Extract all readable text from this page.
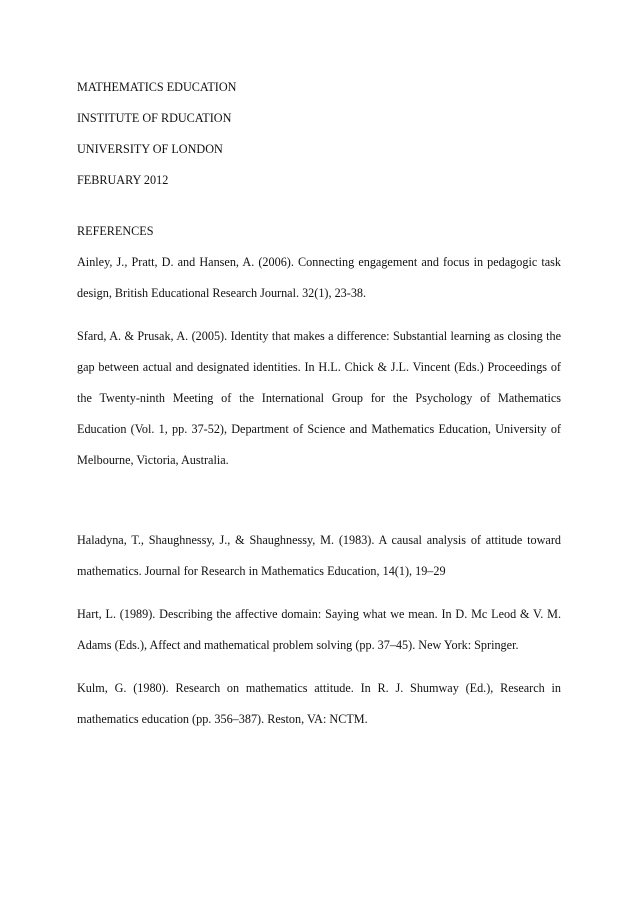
MATHEMATICS EDUCATION

INSTITUTE OF RDUCATION

UNIVERSITY OF LONDON

FEBRUARY 2012

REFERENCES

Ainley, J., Pratt, D. and Hansen, A. (2006). Connecting engagement and focus in pedagogic task design, British Educational Research Journal. 32(1), 23-38.

Sfard, A. & Prusak, A. (2005). Identity that makes a difference: Substantial learning as closing the gap between actual and designated identities. In H.L. Chick & J.L. Vincent (Eds.) Proceedings of the Twenty-ninth Meeting of the International Group for the Psychology of Mathematics Education (Vol. 1, pp. 37-52), Department of Science and Mathematics Education, University of Melbourne, Victoria, Australia.

Haladyna, T., Shaughnessy, J., & Shaughnessy, M. (1983). A causal analysis of attitude toward mathematics. Journal for Research in Mathematics Education, 14(1), 19–29

Hart, L. (1989). Describing the affective domain: Saying what we mean. In D. Mc Leod & V. M. Adams (Eds.), Affect and mathematical problem solving (pp. 37–45). New York: Springer.

Kulm, G. (1980). Research on mathematics attitude. In R. J. Shumway (Ed.), Research in mathematics education (pp. 356–387). Reston, VA: NCTM.
